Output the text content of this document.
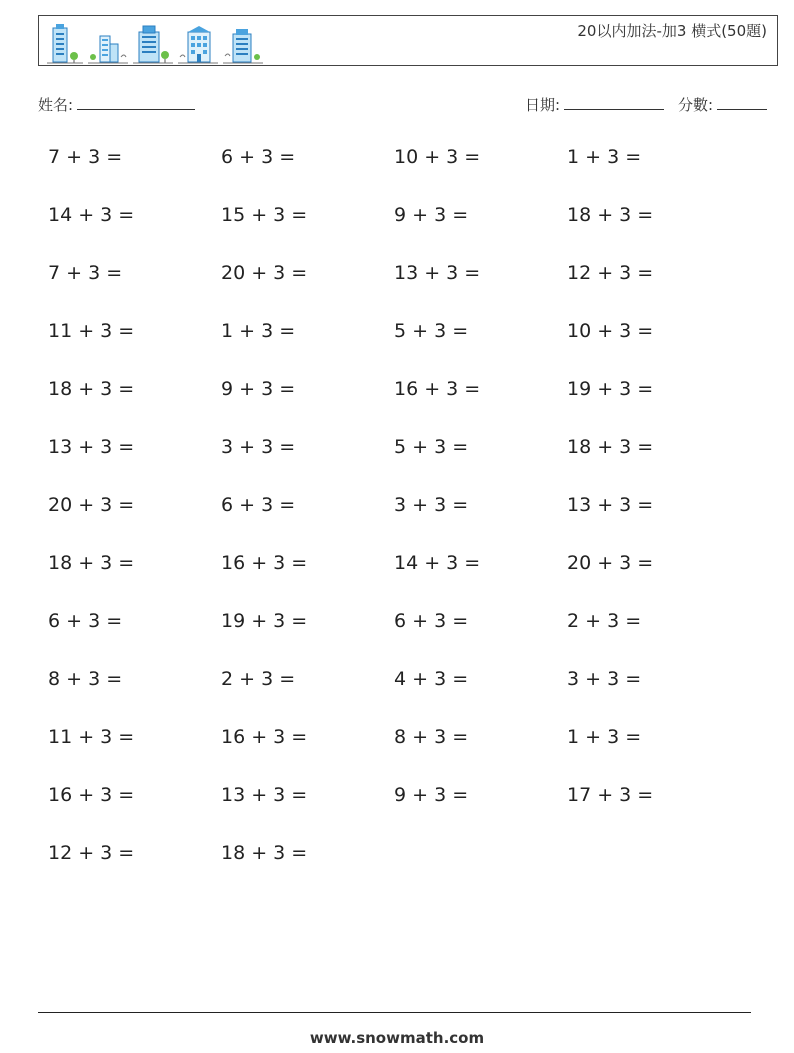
20以内加法-加3 横式(50題)
姓名:	日期:	分數:
7 + 3 =	6 + 3 =	10 + 3 =	1 + 3 =
14 + 3 =	15 + 3 =	9 + 3 =	18 + 3 =
7 + 3 =	20 + 3 =	13 + 3 =	12 + 3 =
11 + 3 =	1 + 3 =	5 + 3 =	10 + 3 =
18 + 3 =	9 + 3 =	16 + 3 =	19 + 3 =
13 + 3 =	3 + 3 =	5 + 3 =	18 + 3 =
20 + 3 =	6 + 3 =	3 + 3 =	13 + 3 =
18 + 3 =	16 + 3 =	14 + 3 =	20 + 3 =
6 + 3 =	19 + 3 =	6 + 3 =	2 + 3 =
8 + 3 =	2 + 3 =	4 + 3 =	3 + 3 =
11 + 3 =	16 + 3 =	8 + 3 =	1 + 3 =
16 + 3 =	13 + 3 =	9 + 3 =	17 + 3 =
12 + 3 =	18 + 3 =
www.snowmath.com
